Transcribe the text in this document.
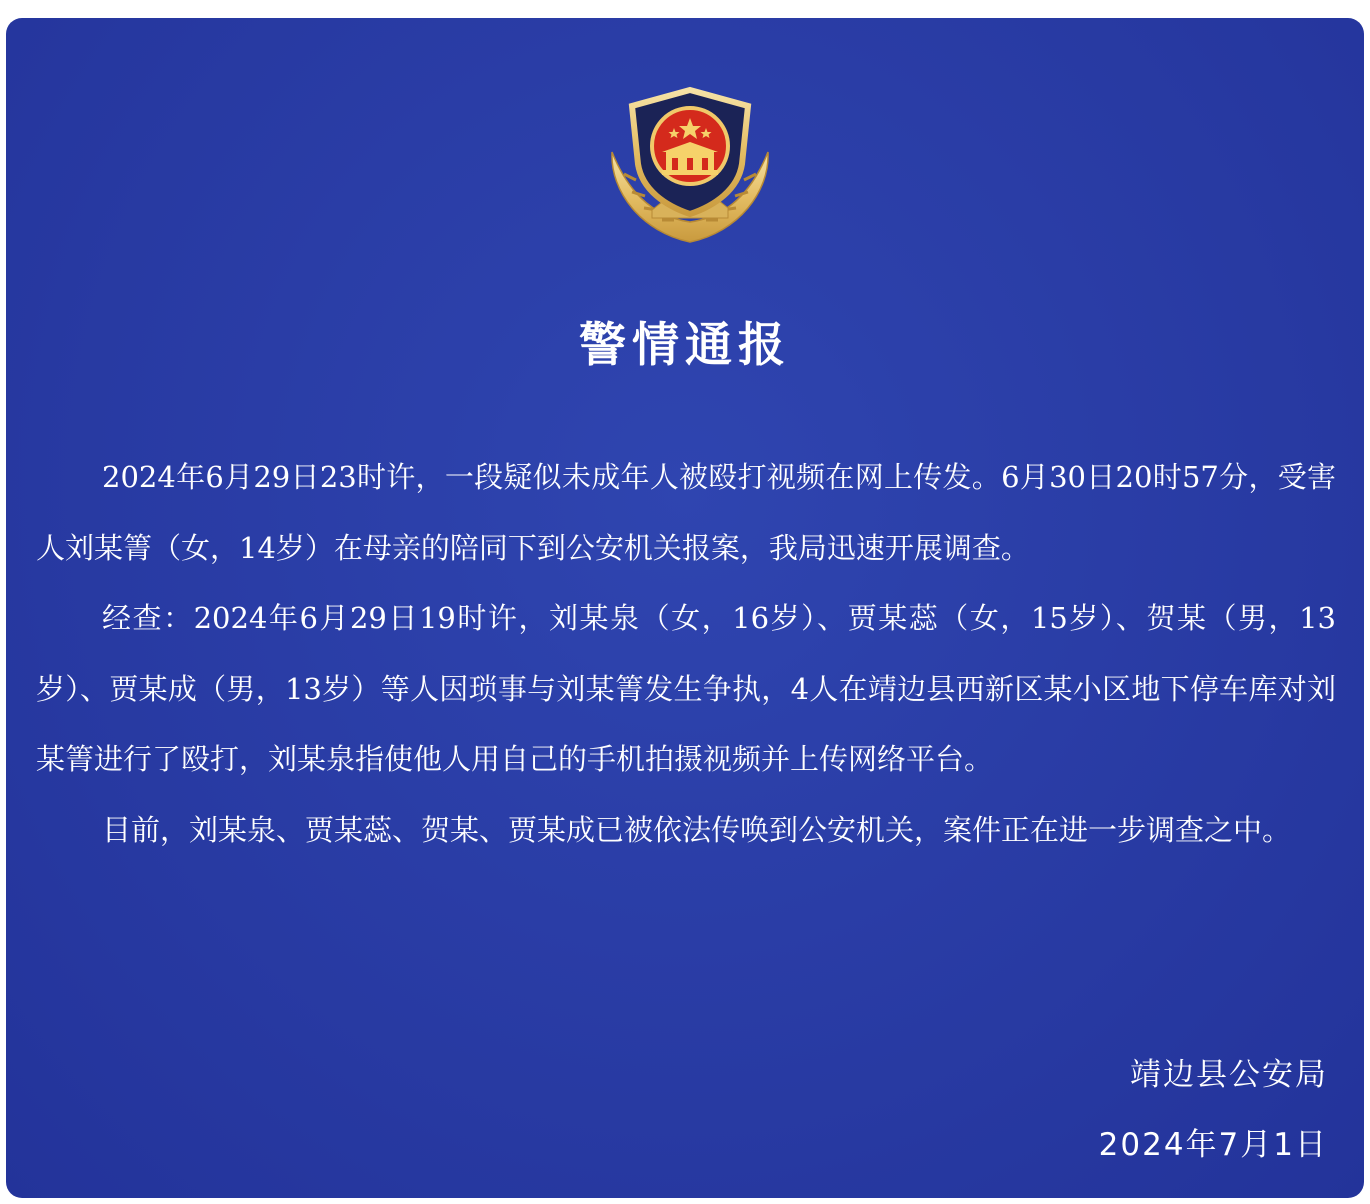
警情通报

2024年6月29日23时许，一段疑似未成年人被殴打视频在网上传发。6月30日20时57分，受害人刘某箐（女，14岁）在母亲的陪同下到公安机关报案，我局迅速开展调查。

经查：2024年6月29日19时许，刘某泉（女，16岁）、贾某蕊（女，15岁）、贺某（男，13岁）、贾某成（男，13岁）等人因琐事与刘某箐发生争执，4人在靖边县西新区某小区地下停车库对刘某箐进行了殴打，刘某泉指使他人用自己的手机拍摄视频并上传网络平台。

目前，刘某泉、贾某蕊、贺某、贾某成已被依法传唤到公安机关，案件正在进一步调查之中。

靖边县公安局
2024年7月1日
